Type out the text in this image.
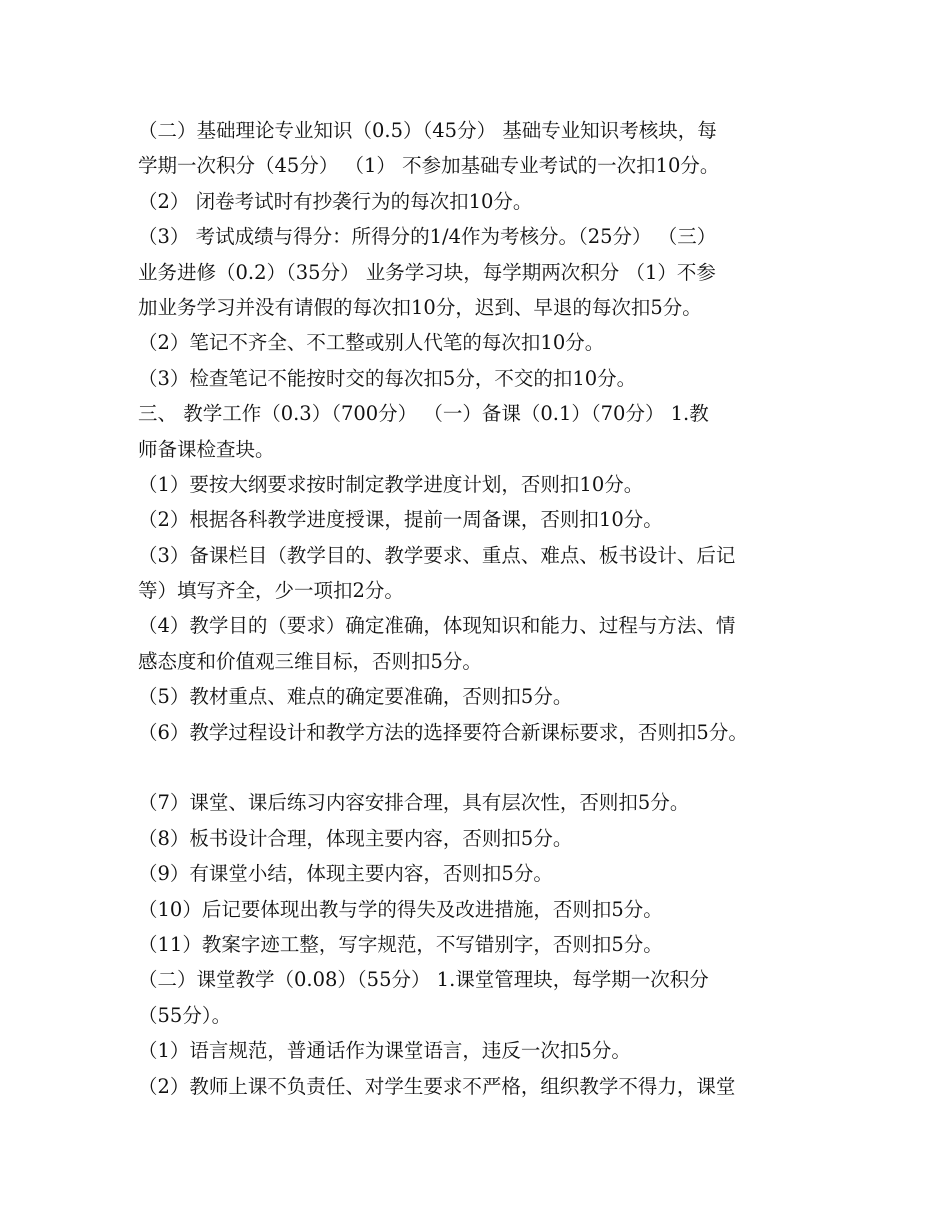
（二）基础理论专业知识（0.5）（45分） 基础专业知识考核块，每
学期一次积分（45分） （1） 不参加基础专业考试的一次扣10分。
（2） 闭卷考试时有抄袭行为的每次扣10分。
（3） 考试成绩与得分：所得分的1/4作为考核分。（25分） （三）
业务进修（0.2）（35分） 业务学习块，每学期两次积分 （1）不参
加业务学习并没有请假的每次扣10分，迟到、早退的每次扣5分。
（2）笔记不齐全、不工整或别人代笔的每次扣10分。
（3）检查笔记不能按时交的每次扣5分，不交的扣10分。
三、 教学工作（0.3）（700分） （一）备课（0.1）（70分） 1.教
师备课检查块。
（1）要按大纲要求按时制定教学进度计划，否则扣10分。
（2）根据各科教学进度授课，提前一周备课，否则扣10分。
（3）备课栏目（教学目的、教学要求、重点、难点、板书设计、后记
等）填写齐全，少一项扣2分。
（4）教学目的（要求）确定准确，体现知识和能力、过程与方法、情
感态度和价值观三维目标，否则扣5分。
（5）教材重点、难点的确定要准确，否则扣5分。
（6）教学过程设计和教学方法的选择要符合新课标要求，否则扣5分。
（7）课堂、课后练习内容安排合理，具有层次性，否则扣5分。
（8）板书设计合理，体现主要内容，否则扣5分。
（9）有课堂小结，体现主要内容，否则扣5分。
（10）后记要体现出教与学的得失及改进措施，否则扣5分。
（11）教案字迹工整，写字规范，不写错别字，否则扣5分。
（二）课堂教学（0.08）（55分） 1.课堂管理块，每学期一次积分
（55分）。
（1）语言规范，普通话作为课堂语言，违反一次扣5分。
（2）教师上课不负责任、对学生要求不严格，组织教学不得力，课堂
